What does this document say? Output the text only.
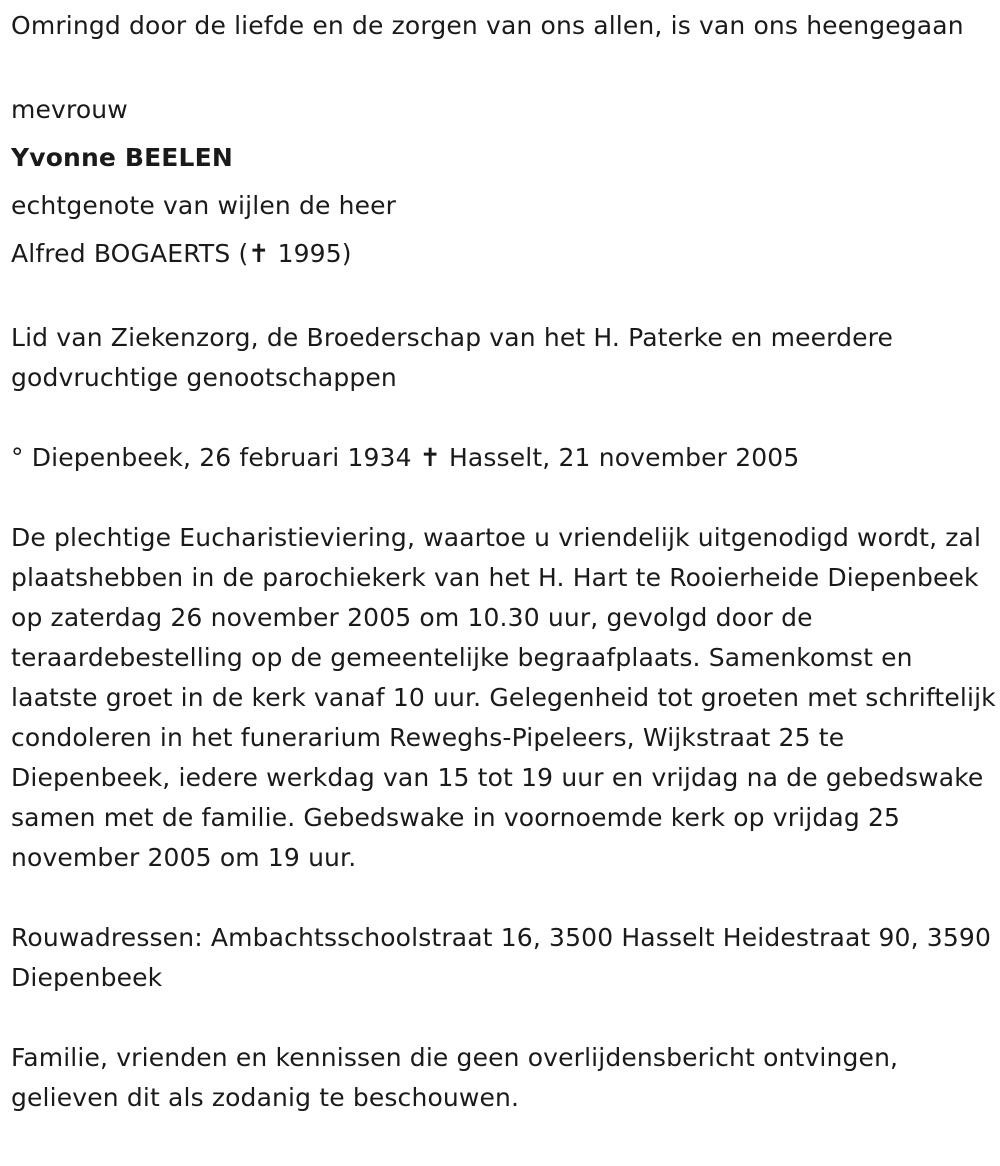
Omringd door de liefde en de zorgen van ons allen, is van ons heengegaan

mevrouw

Yvonne BEELEN

echtgenote van wijlen de heer

Alfred BOGAERTS (✝ 1995)

Lid van Ziekenzorg, de Broederschap van het H. Paterke en meerdere godvruchtige genootschappen

° Diepenbeek, 26 februari 1934 ✝ Hasselt, 21 november 2005

De plechtige Eucharistieviering, waartoe u vriendelijk uitgenodigd wordt, zal plaatshebben in de parochiekerk van het H. Hart te Rooierheide Diepenbeek op zaterdag 26 november 2005 om 10.30 uur, gevolgd door de teraardebestelling op de gemeentelijke begraafplaats. Samenkomst en laatste groet in de kerk vanaf 10 uur. Gelegenheid tot groeten met schriftelijk condoleren in het funerarium Reweghs-Pipeleers, Wijkstraat 25 te Diepenbeek, iedere werkdag van 15 tot 19 uur en vrijdag na de gebedswake samen met de familie. Gebedswake in voornoemde kerk op vrijdag 25 november 2005 om 19 uur.

Rouwadressen: Ambachtsschoolstraat 16, 3500 Hasselt Heidestraat 90, 3590 Diepenbeek

Familie, vrienden en kennissen die geen overlijdensbericht ontvingen, gelieven dit als zodanig te beschouwen.
